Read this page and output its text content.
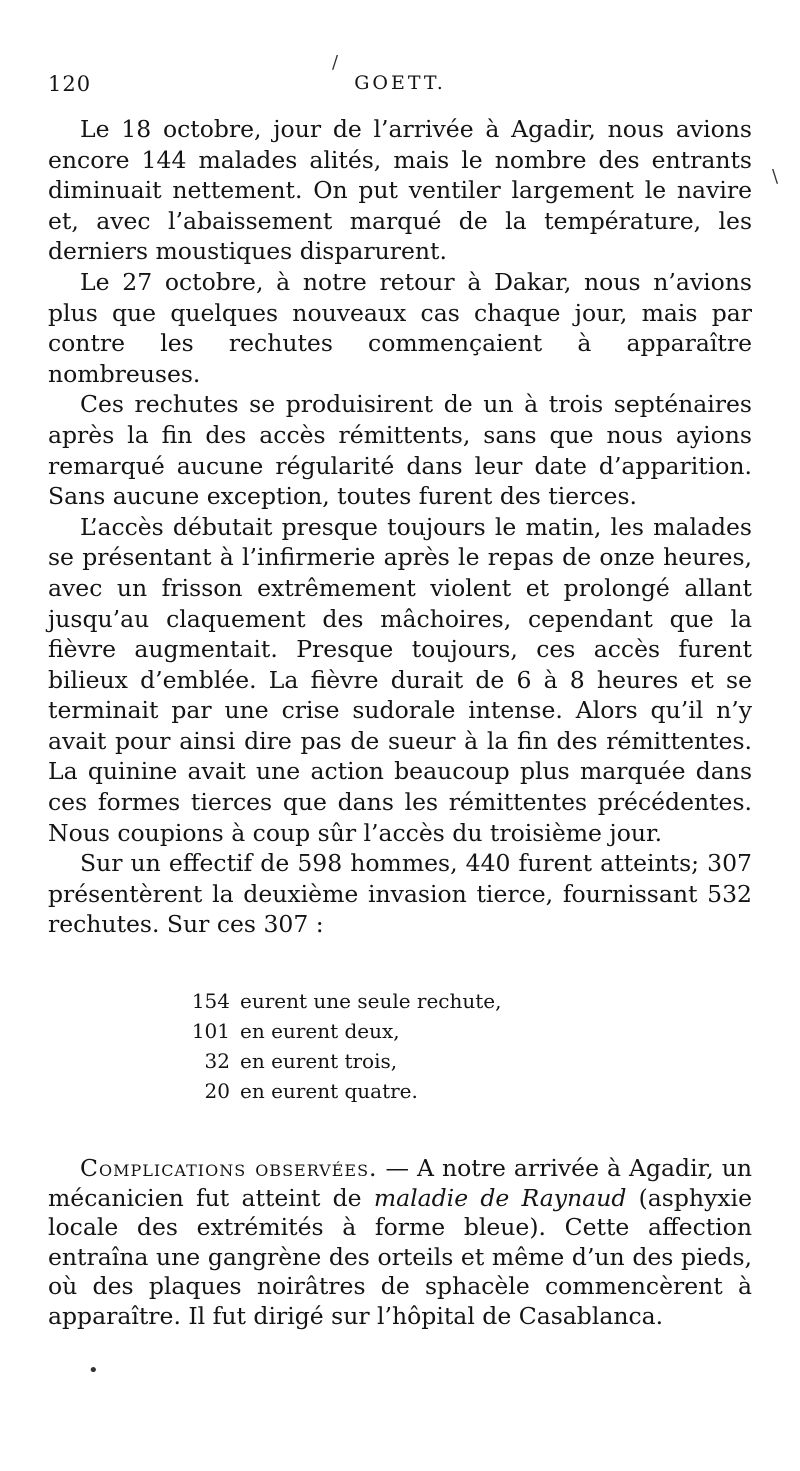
120	GOETT.

Le 18 octobre, jour de l’arrivée à Agadir, nous avions encore 144 malades alités, mais le nombre des entrants diminuait nettement. On put ventiler largement le navire et, avec l’abaissement marqué de la température, les derniers moustiques disparurent.

Le 27 octobre, à notre retour à Dakar, nous n’avions plus que quelques nouveaux cas chaque jour, mais par contre les rechutes commençaient à apparaître nombreuses.

Ces rechutes se produisirent de un à trois septénaires après la fin des accès rémittents, sans que nous ayions remarqué aucune régularité dans leur date d’apparition. Sans aucune exception, toutes furent des tierces.

L’accès débutait presque toujours le matin, les malades se présentant à l’infirmerie après le repas de onze heures, avec un frisson extrêmement violent et prolongé allant jusqu’au claquement des mâchoires, cependant que la fièvre augmentait. Presque toujours, ces accès furent bilieux d’emblée. La fièvre durait de 6 à 8 heures et se terminait par une crise sudorale intense. Alors qu’il n’y avait pour ainsi dire pas de sueur à la fin des rémittentes. La quinine avait une action beaucoup plus marquée dans ces formes tierces que dans les rémittentes précédentes. Nous coupions à coup sûr l’accès du troisième jour.

Sur un effectif de 598 hommes, 440 furent atteints; 307 présentèrent la deuxième invasion tierce, fournissant 532 rechutes. Sur ces 307 :

154 eurent une seule rechute,
101 en eurent deux,
32 en eurent trois,
20 en eurent quatre.

Complications observées. — A notre arrivée à Agadir, un mécanicien fut atteint de maladie de Raynaud (asphyxie locale des extrémités à forme bleue). Cette affection entraîna une gangrène des orteils et même d’un des pieds, où des plaques noirâtres de sphacèle commencèrent à apparaître. Il fut dirigé sur l’hôpital de Casablanca.

/
\
•
